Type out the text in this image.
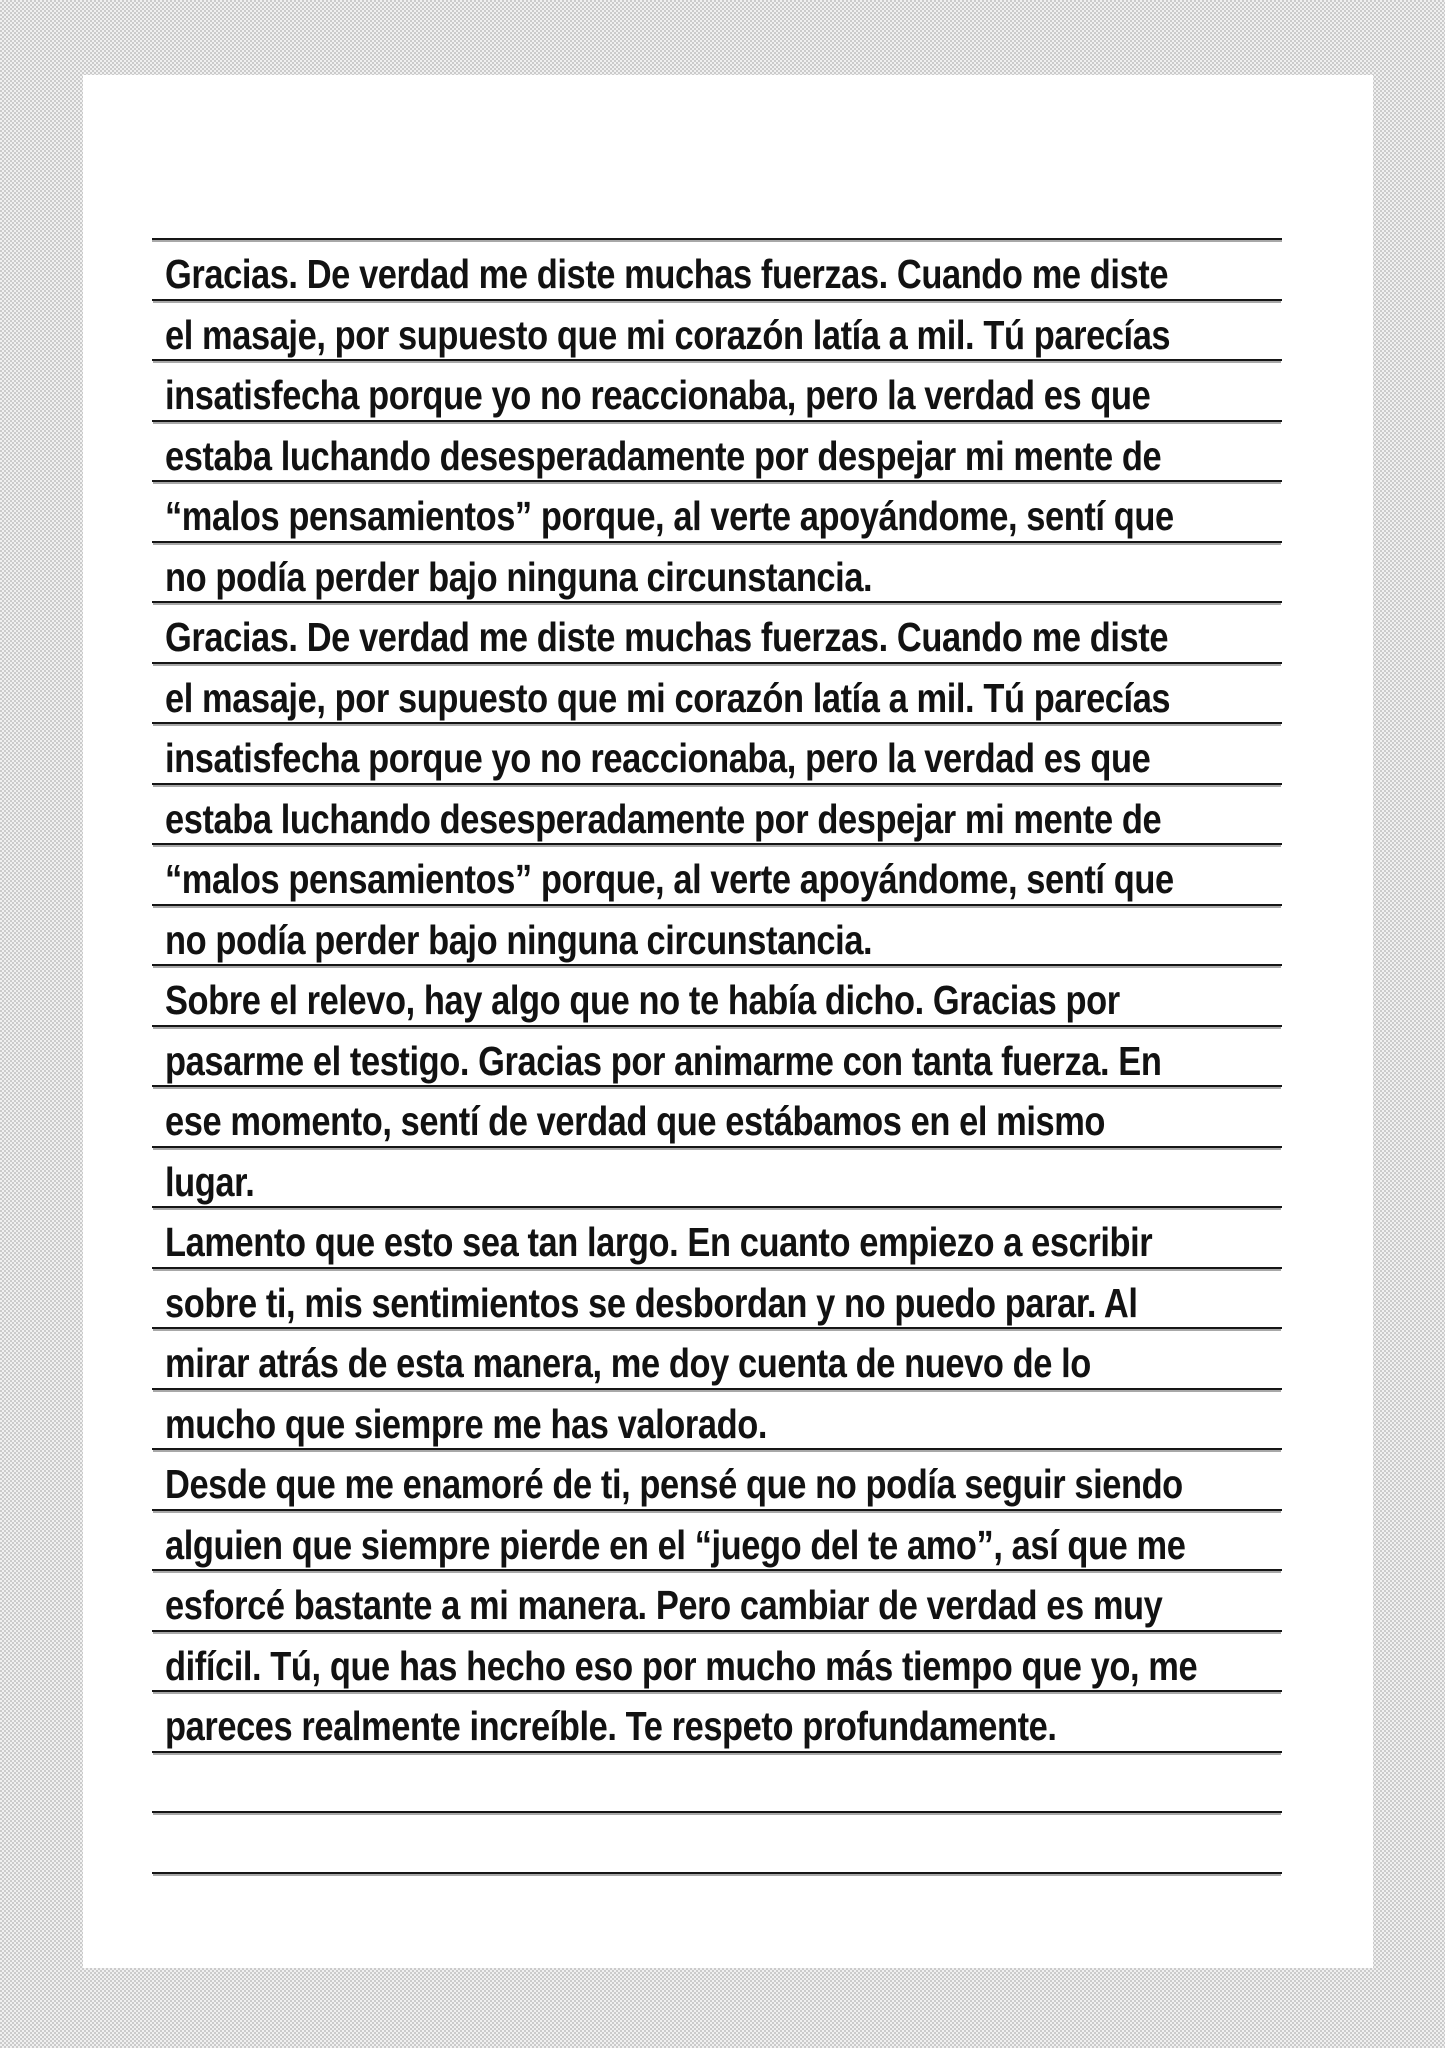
Gracias. De verdad me diste muchas fuerzas. Cuando me diste
el masaje, por supuesto que mi corazón latía a mil. Tú parecías
insatisfecha porque yo no reaccionaba, pero la verdad es que
estaba luchando desesperadamente por despejar mi mente de
“malos pensamientos” porque, al verte apoyándome, sentí que
no podía perder bajo ninguna circunstancia.
Gracias. De verdad me diste muchas fuerzas. Cuando me diste
el masaje, por supuesto que mi corazón latía a mil. Tú parecías
insatisfecha porque yo no reaccionaba, pero la verdad es que
estaba luchando desesperadamente por despejar mi mente de
“malos pensamientos” porque, al verte apoyándome, sentí que
no podía perder bajo ninguna circunstancia.
Sobre el relevo, hay algo que no te había dicho. Gracias por
pasarme el testigo. Gracias por animarme con tanta fuerza. En
ese momento, sentí de verdad que estábamos en el mismo
lugar.
Lamento que esto sea tan largo. En cuanto empiezo a escribir
sobre ti, mis sentimientos se desbordan y no puedo parar. Al
mirar atrás de esta manera, me doy cuenta de nuevo de lo
mucho que siempre me has valorado.
Desde que me enamoré de ti, pensé que no podía seguir siendo
alguien que siempre pierde en el “juego del te amo”, así que me
esforcé bastante a mi manera. Pero cambiar de verdad es muy
difícil. Tú, que has hecho eso por mucho más tiempo que yo, me
pareces realmente increíble. Te respeto profundamente.
